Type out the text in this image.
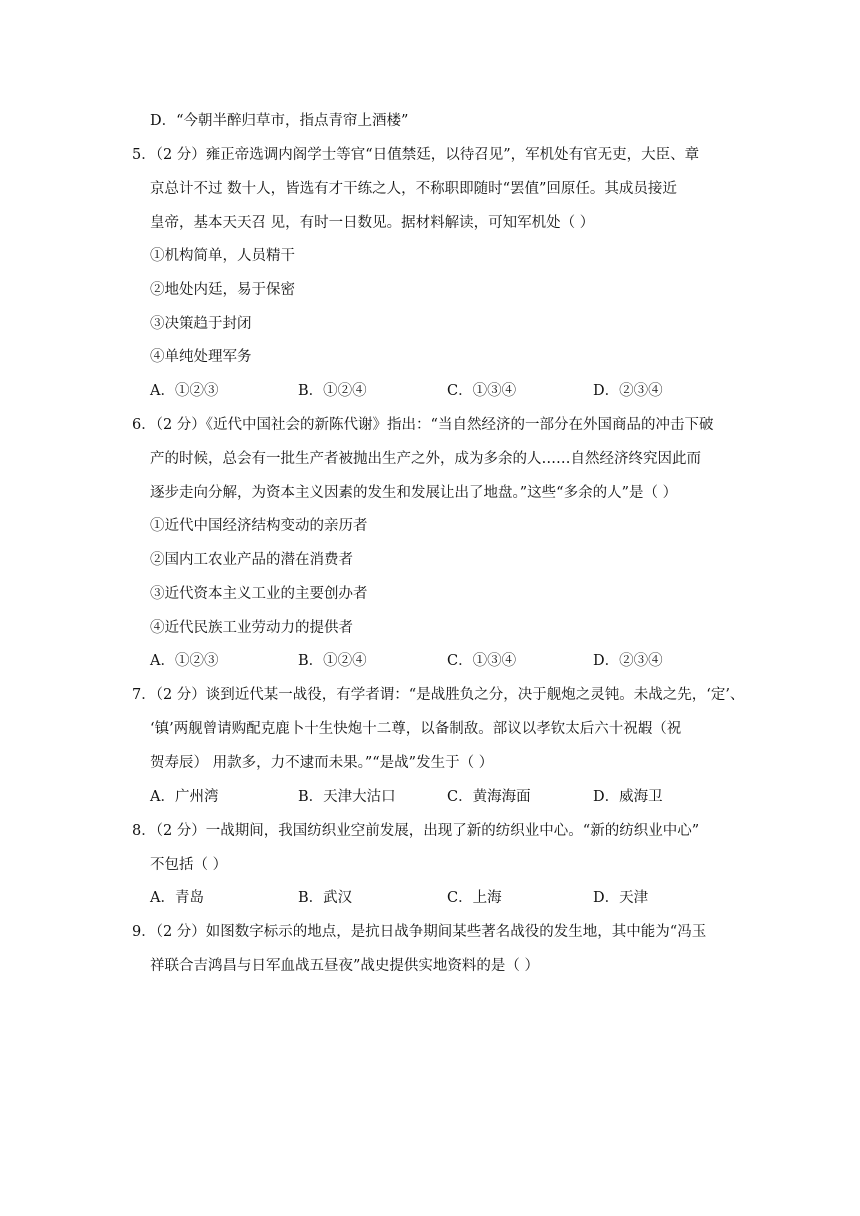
D．“今朝半醉归草市，指点青帘上酒楼”
5．（2 分）雍正帝选调内阁学士等官“日值禁廷，以待召见”，军机处有官无吏，大臣、章
京总计不过 数十人，皆选有才干练之人，不称职即随时“罢值”回原任。其成员接近
皇帝，基本天天召 见，有时一日数见。据材料解读，可知军机处（ ）
①机构简单，人员精干
②地处内廷，易于保密
③决策趋于封闭
④单纯处理军务
A．①②③	B．①②④	C．①③④	D．②③④
6．（2 分）《近代中国社会的新陈代谢》指出：“当自然经济的一部分在外国商品的冲击下破
产的时候，总会有一批生产者被抛出生产之外，成为多余的人……自然经济终究因此而
逐步走向分解，为资本主义因素的发生和发展让出了地盘。”这些“多余的人”是（ ）
①近代中国经济结构变动的亲历者
②国内工农业产品的潜在消费者
③近代资本主义工业的主要创办者
④近代民族工业劳动力的提供者
A．①②③	B．①②④	C．①③④	D．②③④
7．（2 分）谈到近代某一战役，有学者谓：“是战胜负之分，决于舰炮之灵钝。未战之先，‘定’、
‘镇’两舰曾请购配克鹿卜十生快炮十二尊，以备制敌。部议以孝钦太后六十祝嘏（祝
贺寿辰） 用款多，力不逮而未果。”“是战”发生于（ ）
A．广州湾	B．天津大沽口	C．黄海海面	D．威海卫
8．（2 分）一战期间，我国纺织业空前发展，出现了新的纺织业中心。“新的纺织业中心”
不包括（ ）
A．青岛	B．武汉	C．上海	D．天津
9．（2 分）如图数字标示的地点，是抗日战争期间某些著名战役的发生地，其中能为“冯玉
祥联合吉鸿昌与日军血战五昼夜”战史提供实地资料的是（ ）
